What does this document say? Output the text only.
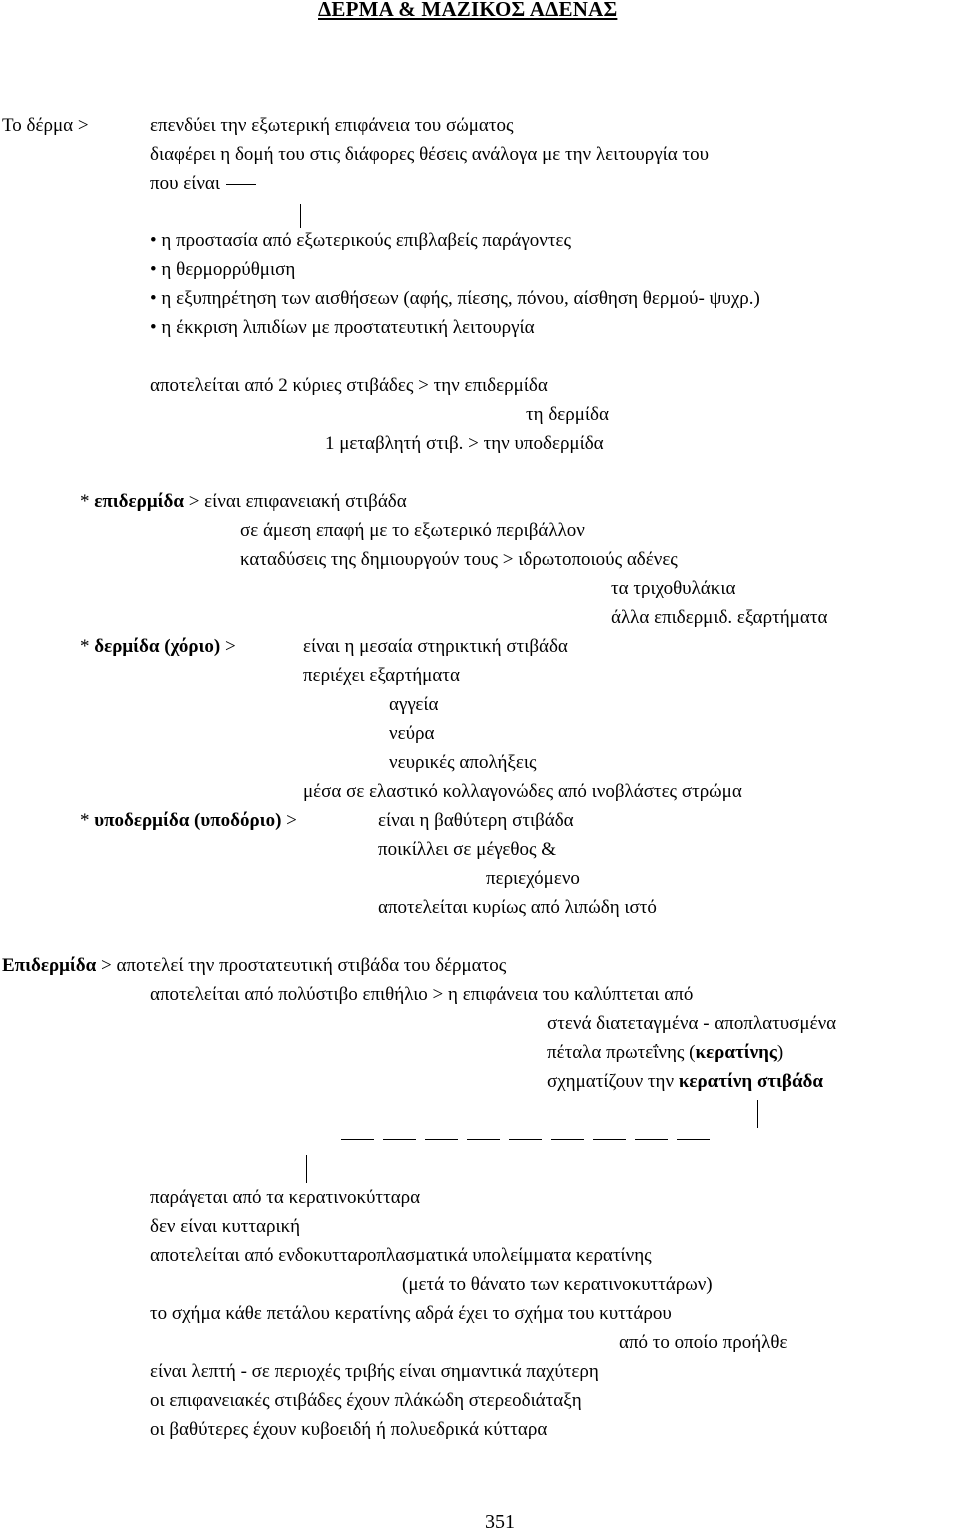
ΔΕΡΜΑ & ΜΑΖΙΚΟΣ ΑΔΕΝΑΣ
Το δέρμα >	επενδύει την εξωτερική επιφάνεια του σώματος
διαφέρει η δομή του στις διάφορες θέσεις ανάλογα με την λειτουργία του
που είναι
• η προστασία από εξωτερικούς επιβλαβείς παράγοντες
• η θερμορρύθμιση
• η εξυπηρέτηση των αισθήσεων (αφής, πίεσης, πόνου, αίσθηση θερμού- ψυχρ.)
• η έκκριση λιπιδίων με προστατευτική λειτουργία
αποτελείται από 2 κύριες στιβάδες > την επιδερμίδα
τη δερμίδα
1 μεταβλητή στιβ. > την υποδερμίδα
* επιδερμίδα > είναι επιφανειακή στιβάδα
σε άμεση επαφή με το εξωτερικό περιβάλλον
καταδύσεις της δημιουργούν τους > ιδρωτοποιούς αδένες
τα τριχοθυλάκια
άλλα επιδερμιδ. εξαρτήματα
* δερμίδα (χόριο) >	είναι η μεσαία στηρικτική στιβάδα
περιέχει εξαρτήματα
αγγεία
νεύρα
νευρικές απολήξεις
μέσα σε ελαστικό κολλαγονώδες από ινοβλάστες στρώμα
* υποδερμίδα (υποδόριο) >	είναι η βαθύτερη στιβάδα
ποικίλλει σε μέγεθος &
περιεχόμενο
αποτελείται κυρίως από λιπώδη ιστό
Επιδερμίδα > αποτελεί την προστατευτική στιβάδα του δέρματος
αποτελείται από πολύστιβο επιθήλιο > η επιφάνεια του καλύπτεται από
στενά διατεταγμένα - αποπλατυσμένα
πέταλα πρωτεΐνης (κερατίνης)
σχηματίζουν την κερατίνη στιβάδα
παράγεται από τα κερατινοκύτταρα
δεν είναι κυτταρική
αποτελείται από ενδοκυτταροπλασματικά υπολείμματα κερατίνης
(μετά το θάνατο των κερατινοκυττάρων)
το σχήμα κάθε πετάλου κερατίνης αδρά έχει το σχήμα του κυττάρου
από το οποίο προήλθε
είναι λεπτή - σε περιοχές τριβής είναι σημαντικά παχύτερη
οι επιφανειακές στιβάδες έχουν πλάκώδη στερεοδιάταξη
οι βαθύτερες έχουν κυβοειδή ή πολυεδρικά κύτταρα
351
